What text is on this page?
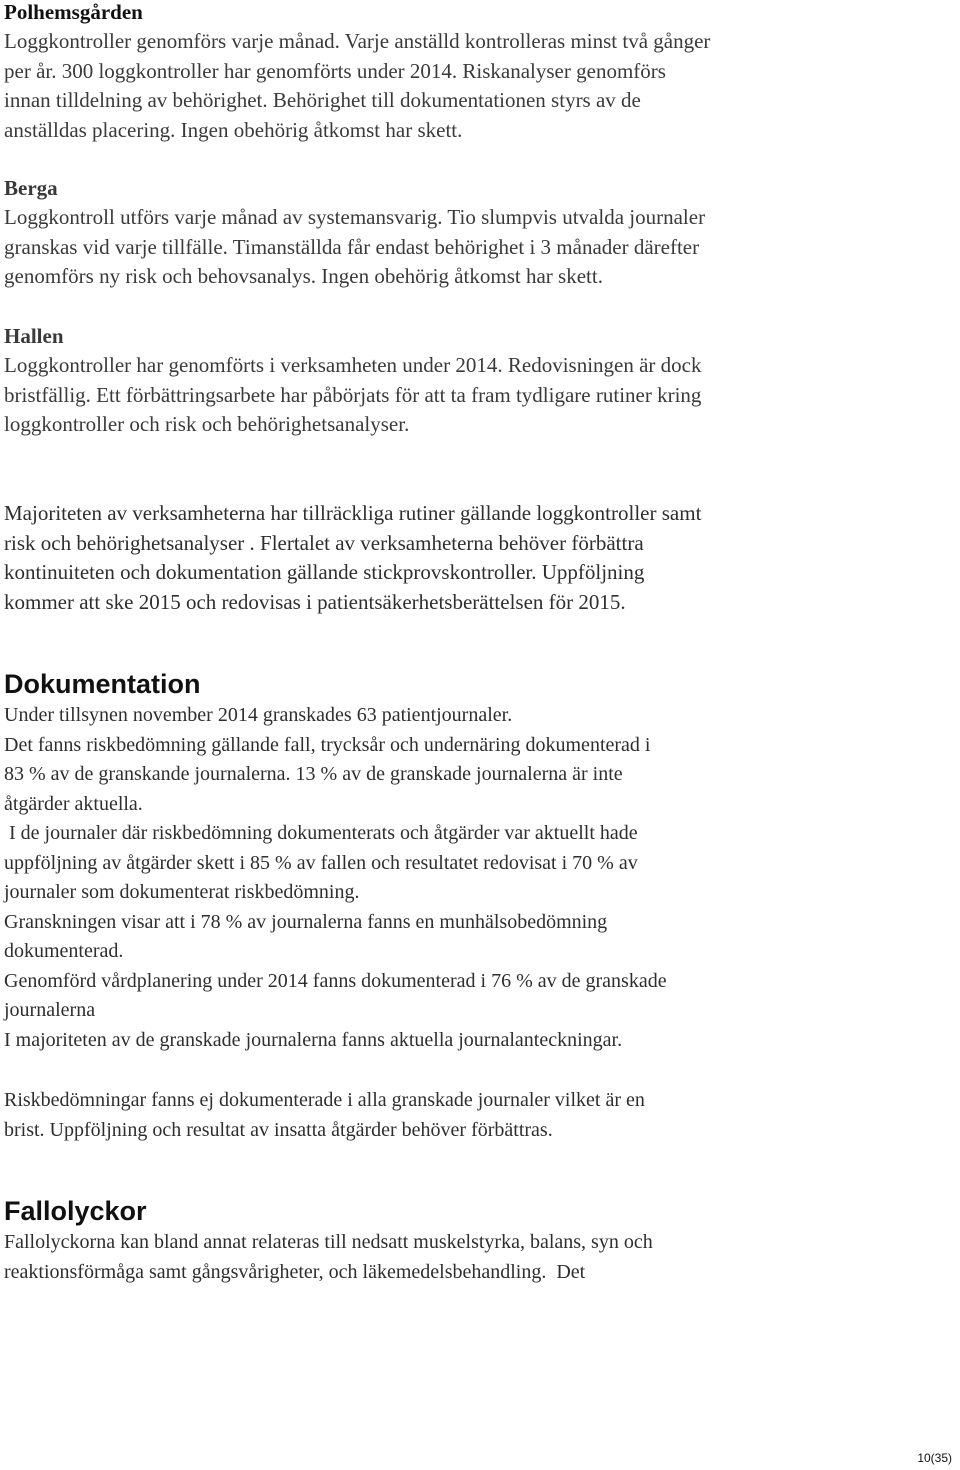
Polhemsgården

Loggkontroller genomförs varje månad. Varje anställd kontrolleras minst två gånger
per år. 300 loggkontroller har genomförts under 2014. Riskanalyser genomförs
innan tilldelning av behörighet. Behörighet till dokumentationen styrs av de
anställdas placering. Ingen obehörig åtkomst har skett.

Berga

Loggkontroll utförs varje månad av systemansvarig. Tio slumpvis utvalda journaler
granskas vid varje tillfälle. Timanställda får endast behörighet i 3 månader därefter
genomförs ny risk och behovsanalys. Ingen obehörig åtkomst har skett.

Hallen

Loggkontroller har genomförts i verksamheten under 2014. Redovisningen är dock
bristfällig. Ett förbättringsarbete har påbörjats för att ta fram tydligare rutiner kring
loggkontroller och risk och behörighetsanalyser.

Majoriteten av verksamheterna har tillräckliga rutiner gällande loggkontroller samt
risk och behörighetsanalyser . Flertalet av verksamheterna behöver förbättra
kontinuiteten och dokumentation gällande stickprovskontroller. Uppföljning
kommer att ske 2015 och redovisas i patientsäkerhetsberättelsen för 2015.

Dokumentation

Under tillsynen november 2014 granskades 63 patientjournaler.
Det fanns riskbedömning gällande fall, trycksår och undernäring dokumenterad i
83 % av de granskande journalerna. 13 % av de granskade journalerna är inte
åtgärder aktuella.
I de journaler där riskbedömning dokumenterats och åtgärder var aktuellt hade
uppföljning av åtgärder skett i 85 % av fallen och resultatet redovisat i 70 % av
journaler som dokumenterat riskbedömning.
Granskningen visar att i 78 % av journalerna fanns en munhälsobedömning
dokumenterad.
Genomförd vårdplanering under 2014 fanns dokumenterad i 76 % av de granskade
journalerna
I majoriteten av de granskade journalerna fanns aktuella journalanteckningar.

Riskbedömningar fanns ej dokumenterade i alla granskade journaler vilket är en
brist. Uppföljning och resultat av insatta åtgärder behöver förbättras.

Fallolyckor

Fallolyckorna kan bland annat relateras till nedsatt muskelstyrka, balans, syn och
reaktionsförmåga samt gångsvårigheter, och läkemedelsbehandling.  Det

10(35)
